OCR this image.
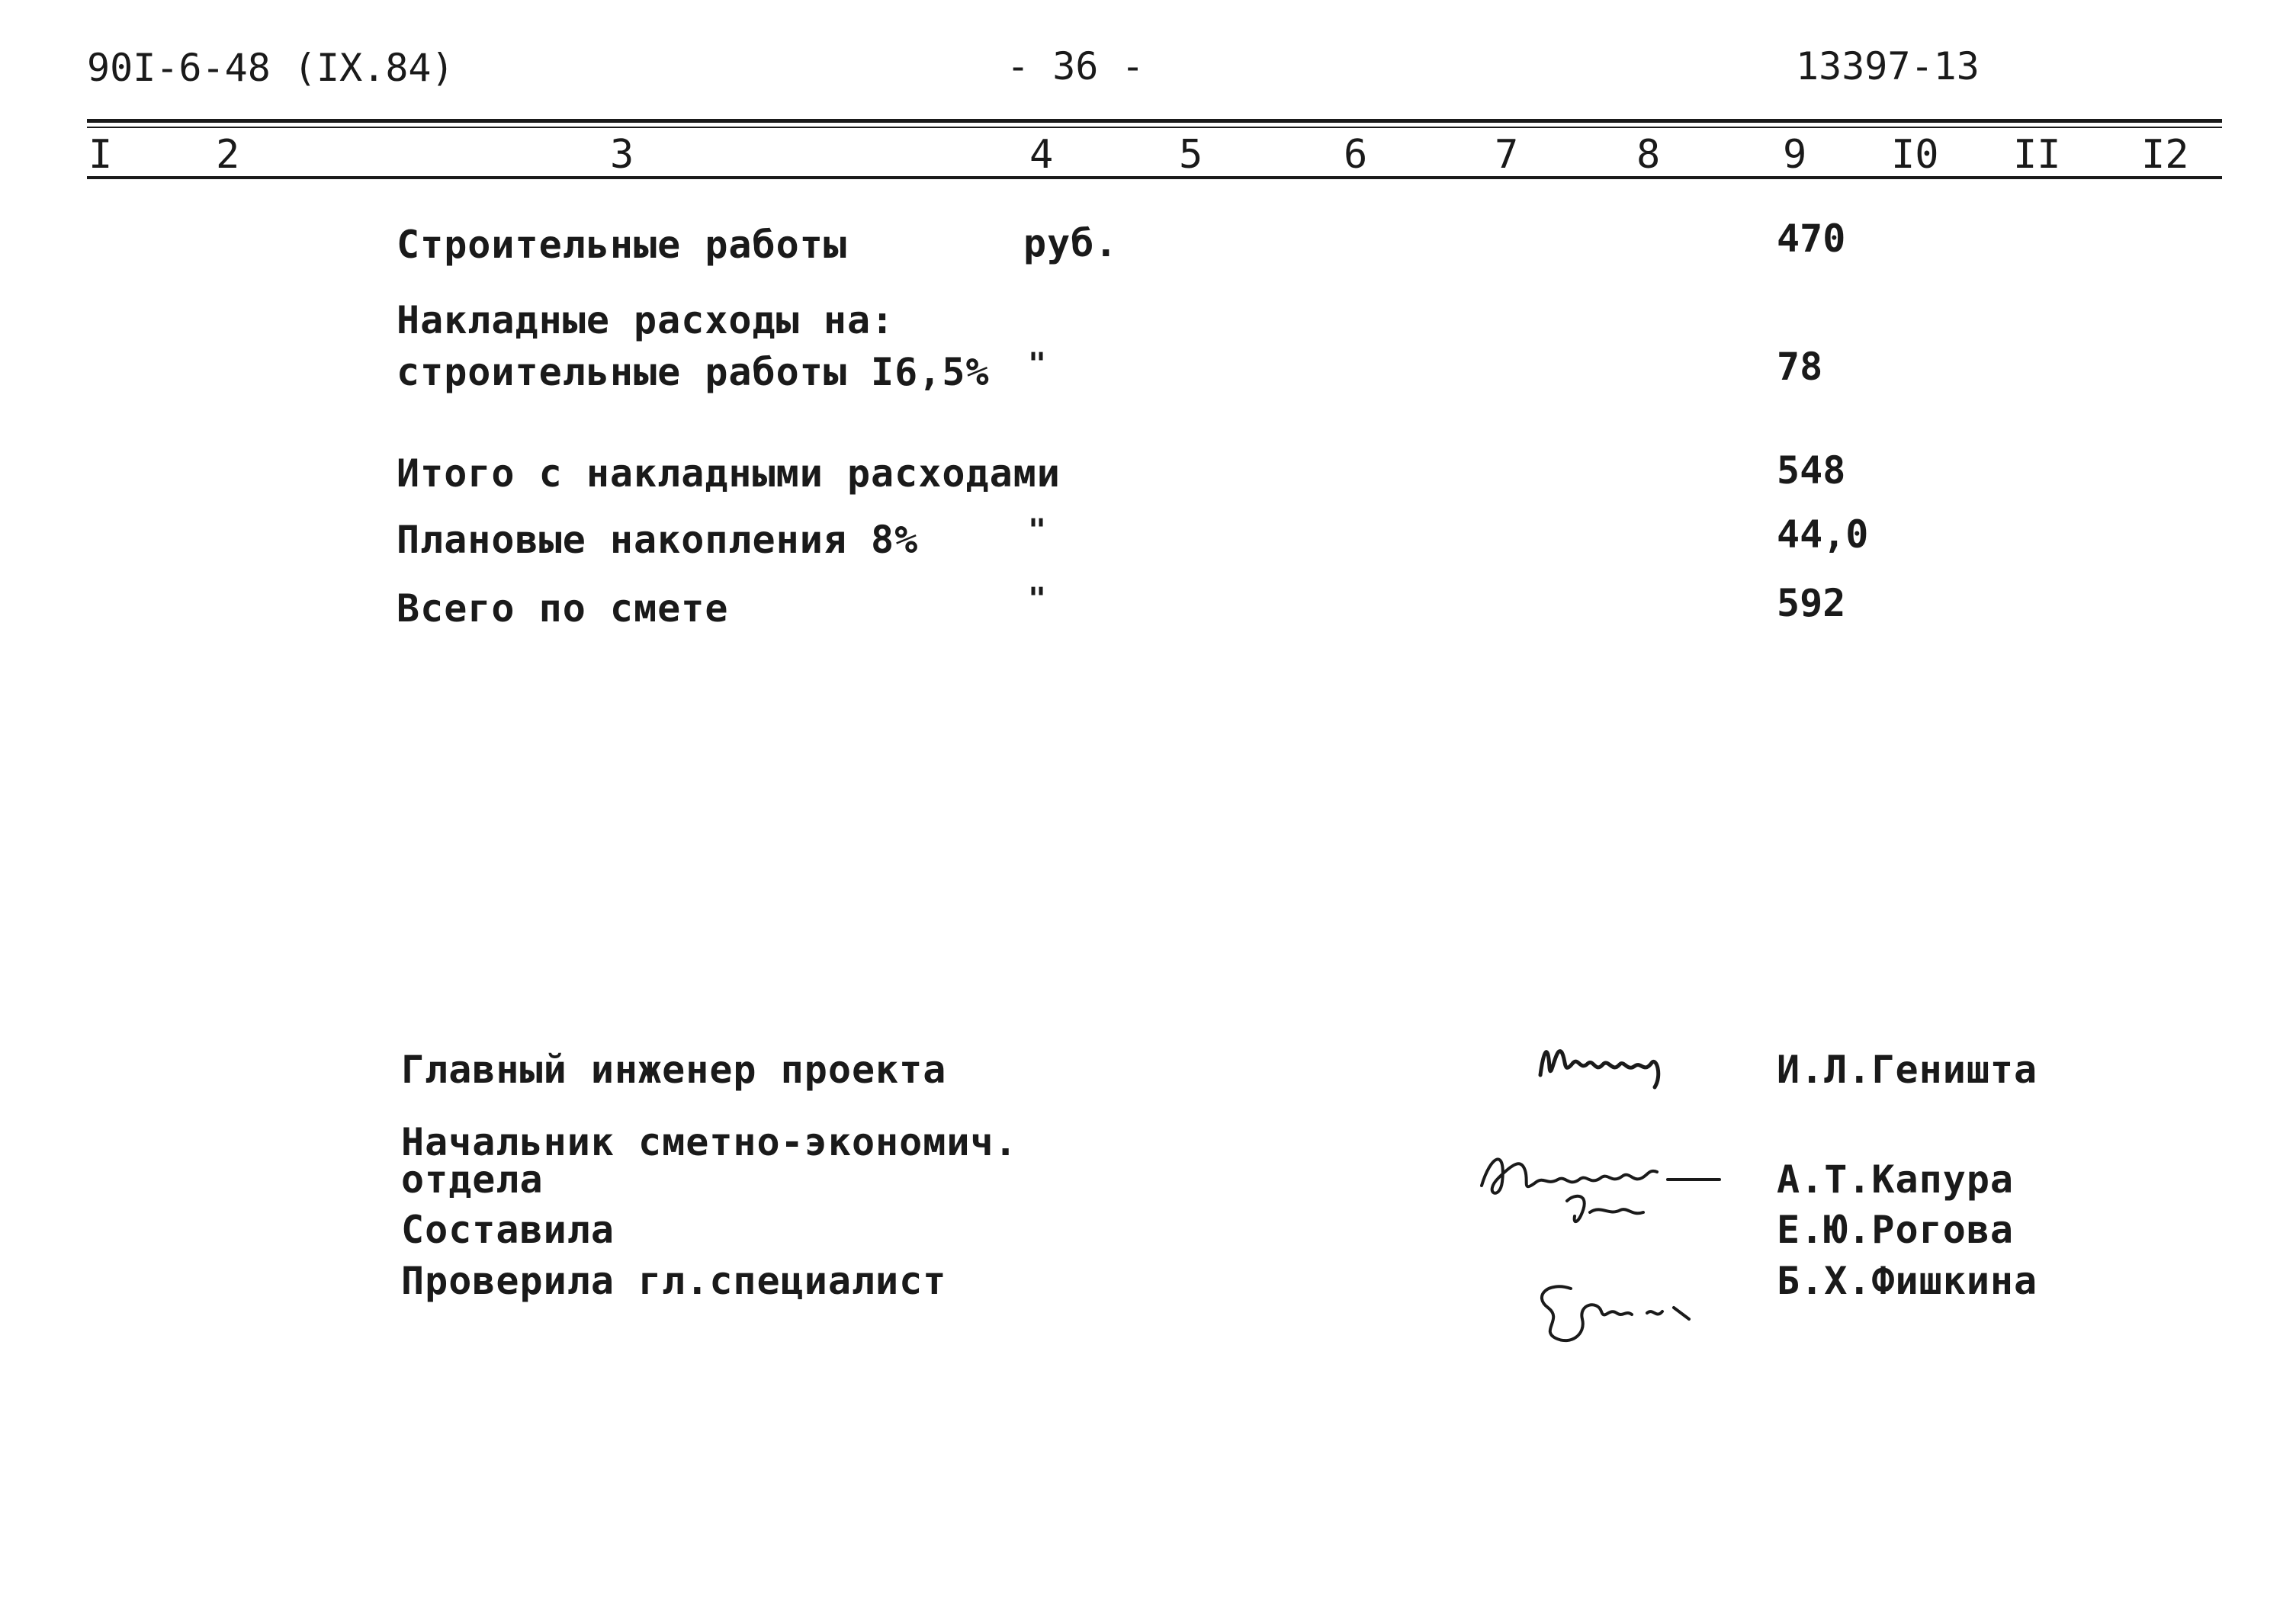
90I-6-48 (IX.84)	- 36 -	13397-13
I	2	3	4	5	6	7	8	9 I0 II I2
Строительные работы	руб.	470
Накладные расходы на:
строительные работы I6,5% "	78
Итого с накладными расходами	548
Плановые накопления 8%	"	44,0
Всего по смете	"	592
Главный инженер проекта
Начальник сметно-экономич.
отдела
Составила
Проверила гл.специалист
И.Л.Геништа
А.Т.Капура
Е.Ю.Рогова
Б.Х.Фишкина
